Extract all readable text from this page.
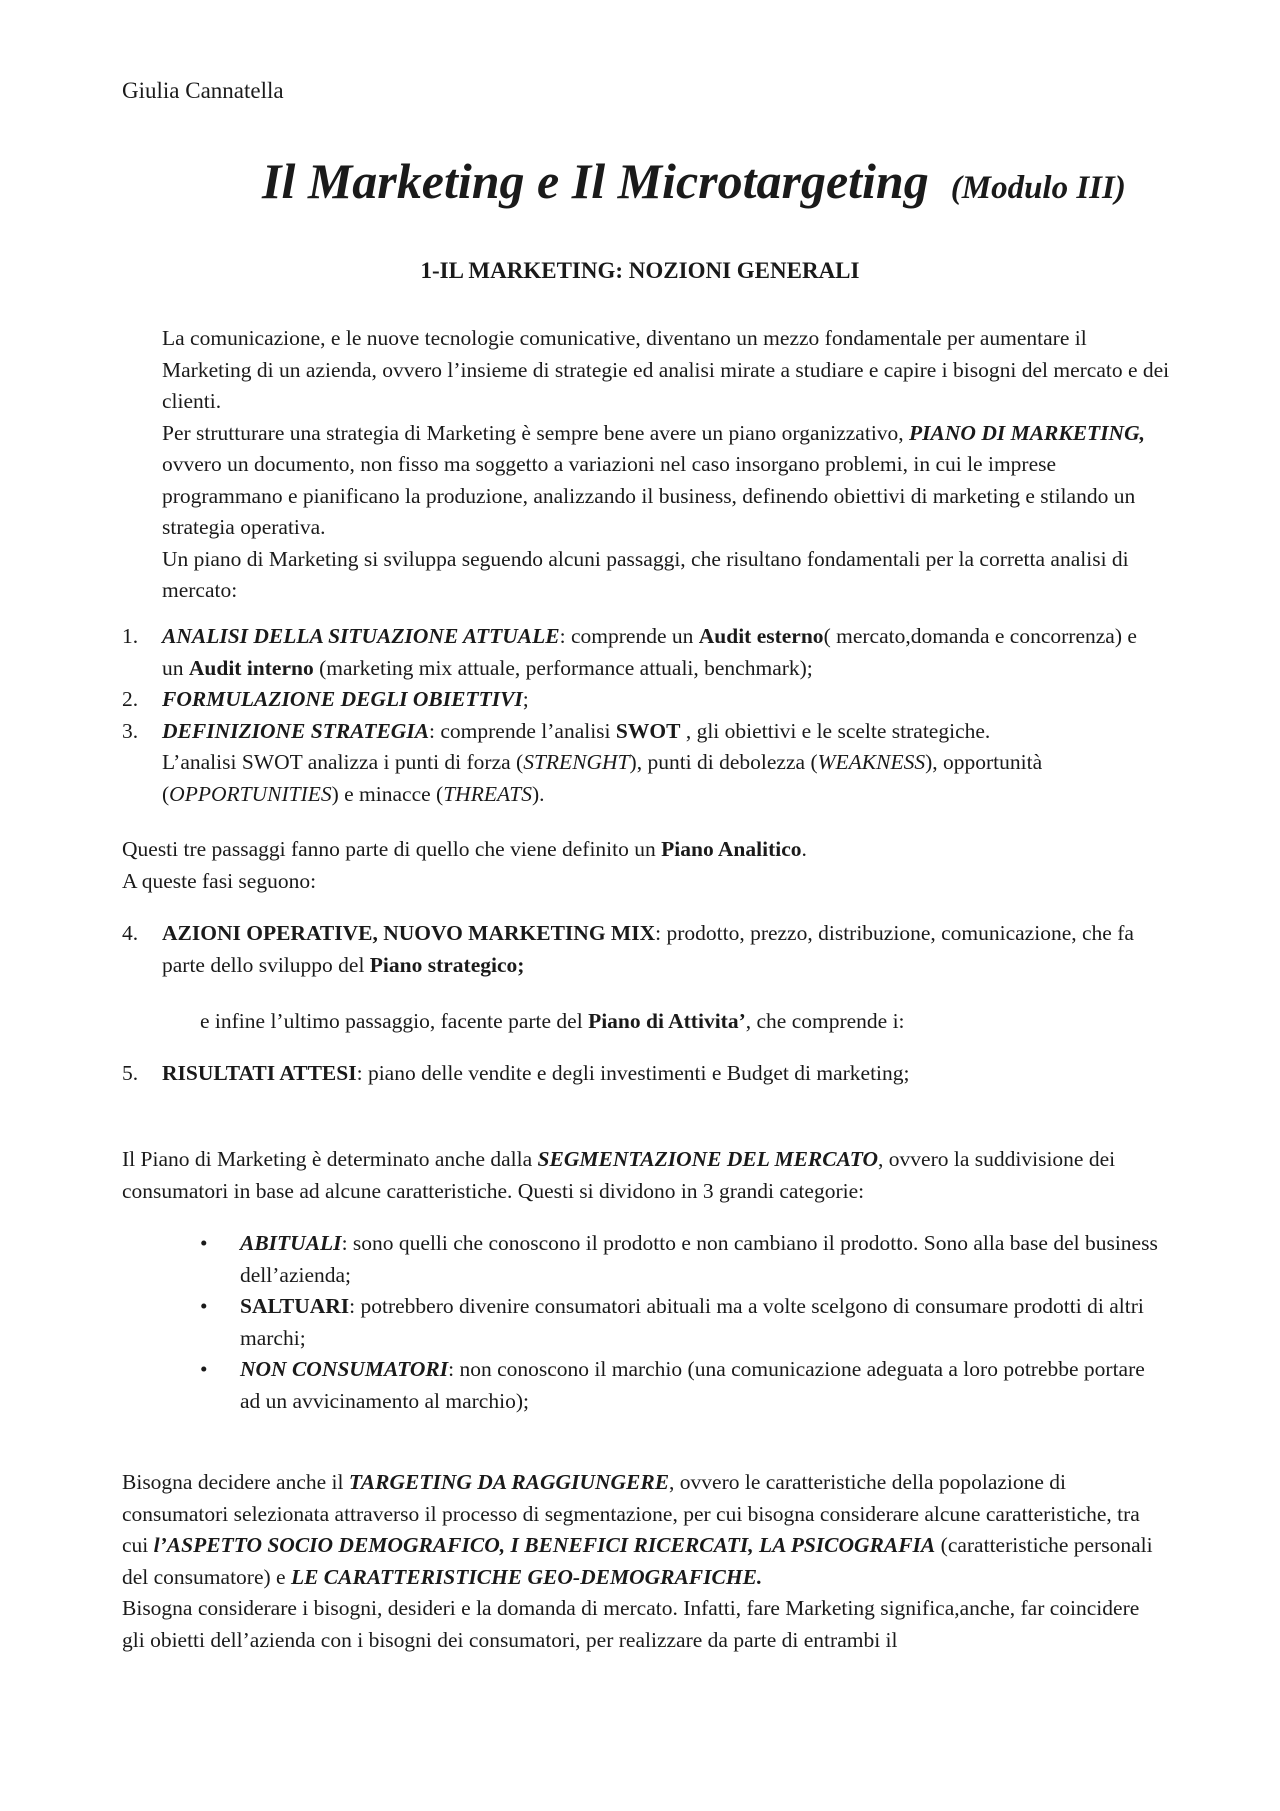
Giulia Cannatella
Il Marketing e Il Microtargeting (Modulo III)
1-IL MARKETING: NOZIONI GENERALI

La comunicazione, e le nuove tecnologie comunicative, diventano un mezzo fondamentale per aumentare il Marketing di un azienda, ovvero l’insieme di strategie ed analisi mirate a studiare e capire i bisogni del mercato e dei clienti.

Per strutturare una strategia di Marketing è sempre bene avere un piano organizzativo, PIANO DI MARKETING, ovvero un documento, non fisso ma soggetto a variazioni nel caso insorgano problemi, in cui le imprese programmano e pianificano la produzione, analizzando il business, definendo obiettivi di marketing e stilando un strategia operativa.

Un piano di Marketing si sviluppa seguendo alcuni passaggi, che risultano fondamentali per la corretta analisi di mercato:

1. ANALISI DELLA SITUAZIONE ATTUALE: comprende un Audit esterno( mercato,domanda e concorrenza) e un Audit interno (marketing mix attuale, performance attuali, benchmark);
2. FORMULAZIONE DEGLI OBIETTIVI;
3. DEFINIZIONE STRATEGIA: comprende l’analisi SWOT , gli obiettivi e le scelte strategiche.
L’analisi SWOT analizza i punti di forza (STRENGHT), punti di debolezza (WEAKNESS), opportunità (OPPORTUNITIES) e minacce (THREATS).
Questi tre passaggi fanno parte di quello che viene definito un Piano Analitico.
A queste fasi seguono:
4. AZIONI OPERATIVE, NUOVO MARKETING MIX: prodotto, prezzo, distribuzione, comunicazione, che fa parte dello sviluppo del Piano strategico;
e infine l’ultimo passaggio, facente parte del Piano di Attivita’, che comprende i:
5. RISULTATI ATTESI: piano delle vendite e degli investimenti e Budget di marketing;
Il Piano di Marketing è determinato anche dalla SEGMENTAZIONE DEL MERCATO, ovvero la suddivisione dei consumatori in base ad alcune caratteristiche. Questi si dividono in 3 grandi categorie:
• ABITUALI: sono quelli che conoscono il prodotto e non cambiano il prodotto. Sono alla base del business dell’azienda;
• SALTUARI: potrebbero divenire consumatori abituali ma a volte scelgono di consumare prodotti di altri marchi;
• NON CONSUMATORI: non conoscono il marchio (una comunicazione adeguata a loro potrebbe portare ad un avvicinamento al marchio);
Bisogna decidere anche il TARGETING DA RAGGIUNGERE, ovvero le caratteristiche della popolazione di consumatori selezionata attraverso il processo di segmentazione, per cui bisogna considerare alcune caratteristiche, tra cui l’ASPETTO SOCIO DEMOGRAFICO, I BENEFICI RICERCATI, LA PSICOGRAFIA (caratteristiche personali del consumatore) e LE CARATTERISTICHE GEO-DEMOGRAFICHE.
Bisogna considerare i bisogni, desideri e la domanda di mercato. Infatti, fare Marketing significa,anche, far coincidere gli obietti dell’azienda con i bisogni dei consumatori, per realizzare da parte di entrambi il
